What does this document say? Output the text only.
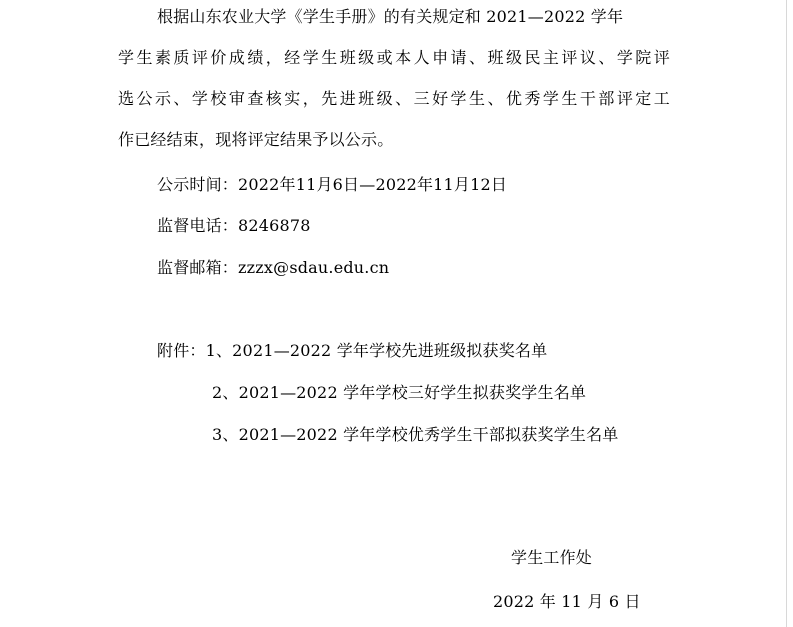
根据山东农业大学《学生手册》的有关规定和 2021—2022 学年
学生素质评价成绩，经学生班级或本人申请、班级民主评议、学院评
选公示、学校审查核实，先进班级、三好学生、优秀学生干部评定工
作已经结束，现将评定结果予以公示。
公示时间：2022年11月6日—2022年11月12日
监督电话：8246878
监督邮箱：zzzx@sdau.edu.cn
附件：1、2021—2022 学年学校先进班级拟获奖名单
2、2021—2022 学年学校三好学生拟获奖学生名单
3、2021—2022 学年学校优秀学生干部拟获奖学生名单
学生工作处
2022 年 11 月 6 日
